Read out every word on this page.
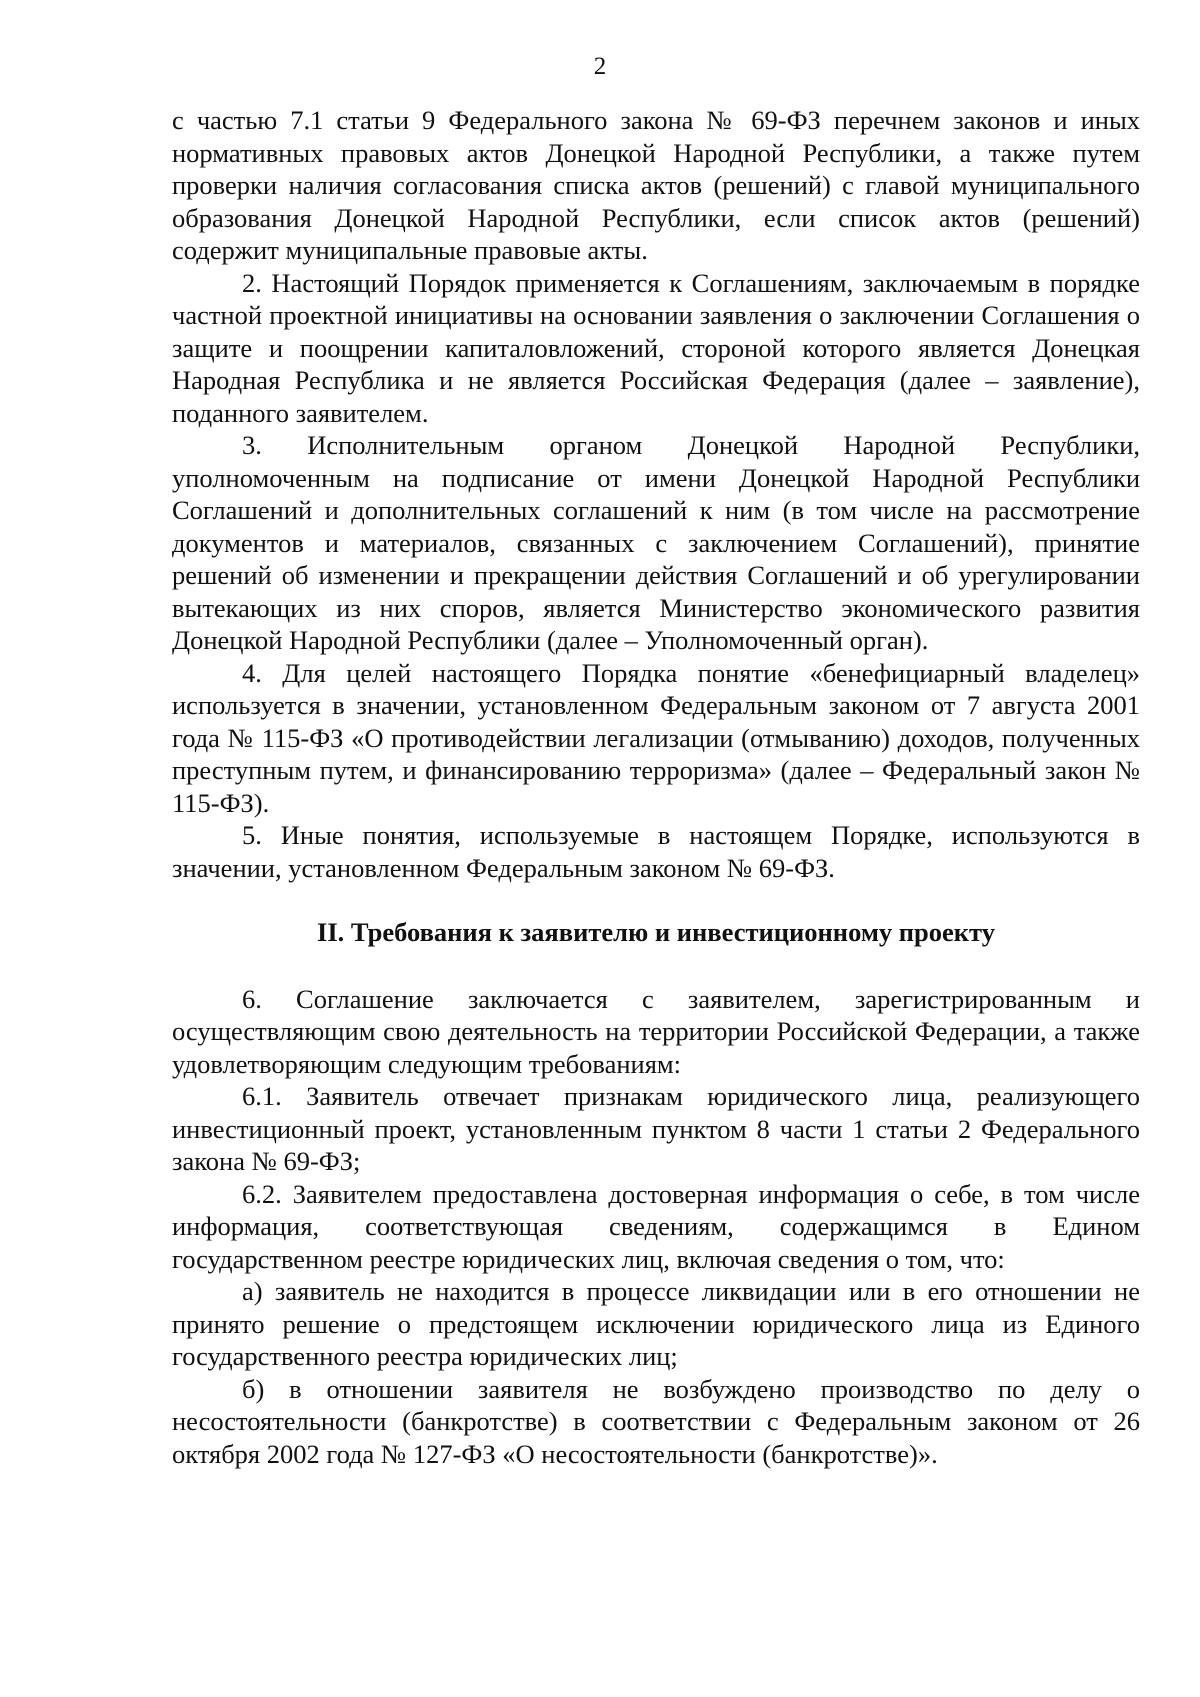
2

с частью 7.1 статьи 9 Федерального закона № 69-ФЗ перечнем законов и иных нормативных правовых актов Донецкой Народной Республики, а также путем проверки наличия согласования списка актов (решений) с главой муниципального образования Донецкой Народной Республики, если список актов (решений) содержит муниципальные правовые акты.

2. Настоящий Порядок применяется к Соглашениям, заключаемым в порядке частной проектной инициативы на основании заявления о заключении Соглашения о защите и поощрении капиталовложений, стороной которого является Донецкая Народная Республика и не является Российская Федерация (далее – заявление), поданного заявителем.

3. Исполнительным органом Донецкой Народной Республики, уполномоченным на подписание от имени Донецкой Народной Республики Соглашений и дополнительных соглашений к ним (в том числе на рассмотрение документов и материалов, связанных с заключением Соглашений), принятие решений об изменении и прекращении действия Соглашений и об урегулировании вытекающих из них споров, является Министерство экономического развития Донецкой Народной Республики (далее – Уполномоченный орган).

4. Для целей настоящего Порядка понятие «бенефициарный владелец» используется в значении, установленном Федеральным законом от 7 августа 2001 года № 115-ФЗ «О противодействии легализации (отмыванию) доходов, полученных преступным путем, и финансированию терроризма» (далее – Федеральный закон № 115-ФЗ).

5. Иные понятия, используемые в настоящем Порядке, используются в значении, установленном Федеральным законом № 69-ФЗ.

II. Требования к заявителю и инвестиционному проекту

6. Соглашение заключается с заявителем, зарегистрированным и осуществляющим свою деятельность на территории Российской Федерации, а также удовлетворяющим следующим требованиям:

6.1. Заявитель отвечает признакам юридического лица, реализующего инвестиционный проект, установленным пунктом 8 части 1 статьи 2 Федерального закона № 69-ФЗ;

6.2. Заявителем предоставлена достоверная информация о себе, в том числе информация, соответствующая сведениям, содержащимся в Едином государственном реестре юридических лиц, включая сведения о том, что:

а) заявитель не находится в процессе ликвидации или в его отношении не принято решение о предстоящем исключении юридического лица из Единого государственного реестра юридических лиц;

б) в отношении заявителя не возбуждено производство по делу о несостоятельности (банкротстве) в соответствии с Федеральным законом от 26 октября 2002 года № 127-ФЗ «О несостоятельности (банкротстве)».
